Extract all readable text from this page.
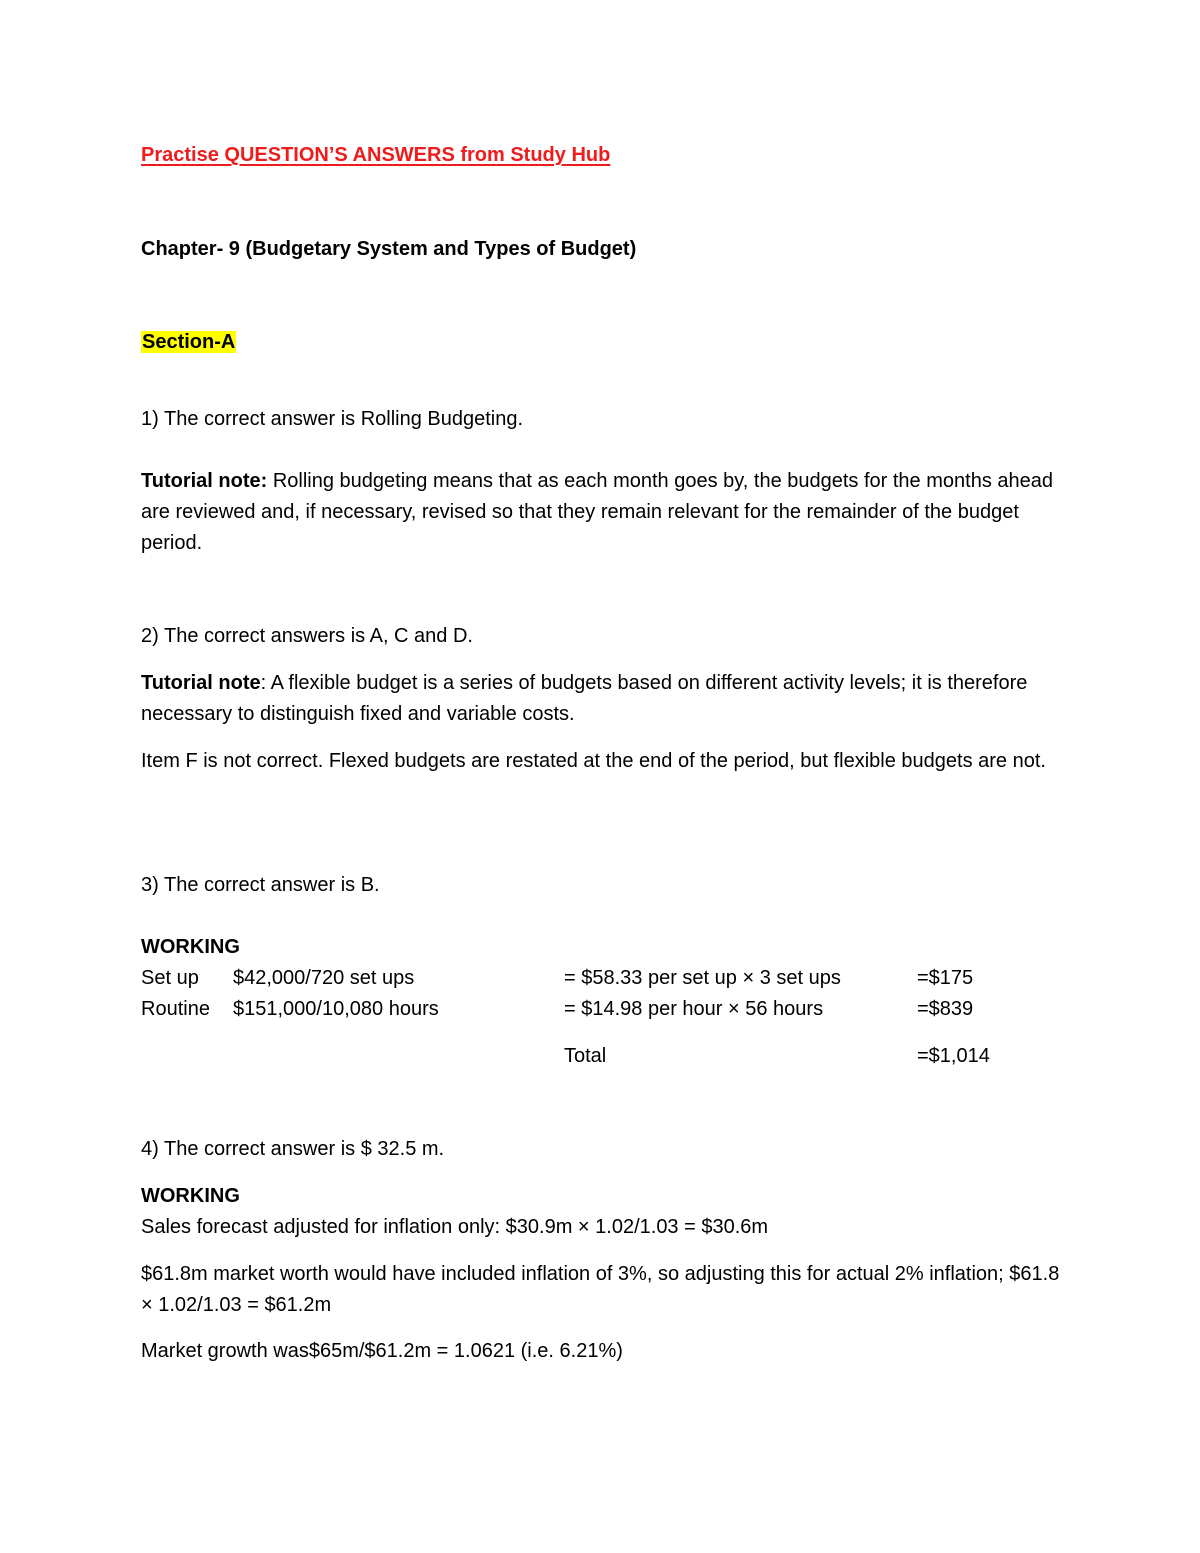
Practise QUESTION’S ANSWERS from Study Hub
Chapter- 9 (Budgetary System and Types of Budget)
Section-A
1) The correct answer is Rolling Budgeting.
Tutorial note: Rolling budgeting means that as each month goes by, the budgets for the months ahead are reviewed and, if necessary, revised so that they remain relevant for the remainder of the budget period.
2) The correct answers is A, C and D.
Tutorial note: A flexible budget is a series of budgets based on different activity levels; it is therefore necessary to distinguish fixed and variable costs.
Item F is not correct. Flexed budgets are restated at the end of the period, but flexible budgets are not.
3) The correct answer is B.
WORKING
Set up $42,000/720 set ups	= $58.33 per set up × 3 set ups	=$175
Routine $151,000/10,080 hours	= $14.98 per hour × 56 hours	=$839
Total	=$1,014
4) The correct answer is $ 32.5 m.
WORKING
Sales forecast adjusted for inflation only: $30.9m × 1.02/1.03 = $30.6m
$61.8m market worth would have included inflation of 3%, so adjusting this for actual 2% inflation; $61.8 × 1.02/1.03 = $61.2m
Market growth was$65m/$61.2m = 1.0621 (i.e. 6.21%)
